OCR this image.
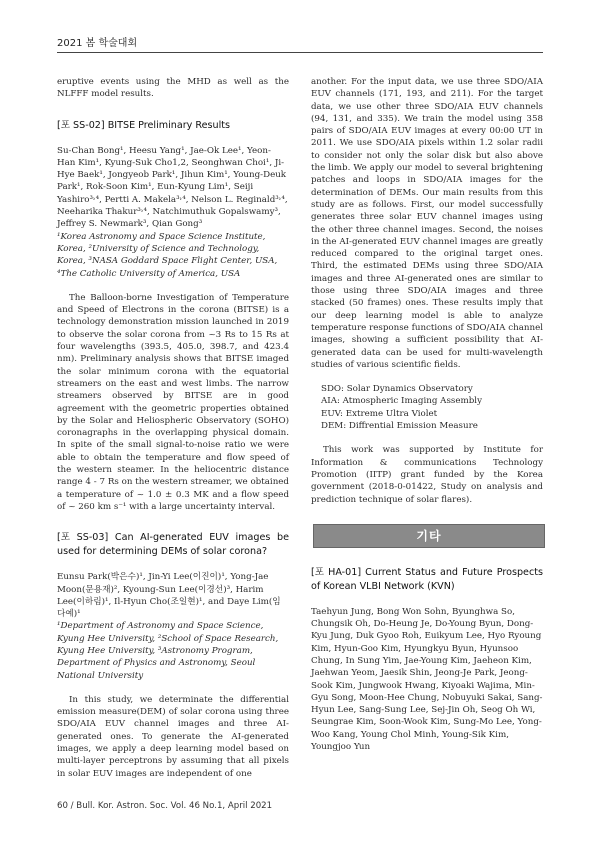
2021 봄 학술대회

eruptive events using the MHD as well as the NLFFF model results.

[포 SS-02] BITSE Preliminary Results

Su-Chan Bong¹, Heesu Yang¹, Jae-Ok Lee¹, Yeon-Han Kim¹, Kyung-Suk Cho1,2, Seonghwan Choi¹, Ji-Hye Baek¹, Jongyeob Park¹, Jihun Kim¹, Young-Deuk Park¹, Rok-Soon Kim¹, Eun-Kyung Lim¹, Seiji Yashiro³˒⁴, Pertti A. Makela³˒⁴, Nelson L. Reginald³˒⁴, Neeharika Thakur³˒⁴, Natchimuthuk Gopalswamy³, Jeffrey S. Newmark³, Qian Gong³

¹Korea Astronomy and Space Science Institute, Korea, ²University of Science and Technology, Korea, ³NASA Goddard Space Flight Center, USA, ⁴The Catholic University of America, USA

The Balloon-borne Investigation of Temperature and Speed of Electrons in the corona (BITSE) is a technology demonstration mission launched in 2019 to observe the solar corona from ~3 Rs to 15 Rs at four wavelengths (393.5, 405.0, 398.7, and 423.4 nm). Preliminary analysis shows that BITSE imaged the solar minimum corona with the equatorial streamers on the east and west limbs. The narrow streamers observed by BITSE are in good agreement with the geometric properties obtained by the Solar and Heliospheric Observatory (SOHO) coronagraphs in the overlapping physical domain. In spite of the small signal-to-noise ratio we were able to obtain the temperature and flow speed of the western steamer. In the heliocentric distance range 4 - 7 Rs on the western streamer, we obtained a temperature of ~ 1.0 ± 0.3 MK and a flow speed of ~ 260 km s⁻¹ with a large uncertainty interval.

[포 SS-03] Can AI-generated EUV images be used for determining DEMs of solar corona?

Eunsu Park(박은수)¹, Jin-Yi Lee(이진이)¹, Yong-Jae Moon(문용재)², Kyoung-Sun Lee(이경선)³, Harim Lee(이하림)¹, Il-Hyun Cho(조일현)¹, and Daye Lim(임다예)¹

¹Department of Astronomy and Space Science, Kyung Hee University, ²School of Space Research, Kyung Hee University, ³Astronomy Program, Department of Physics and Astronomy, Seoul National University

In this study, we determinate the differential emission measure(DEM) of solar corona using three SDO/AIA EUV channel images and three AI-generated ones. To generate the AI-generated images, we apply a deep learning model based on multi-layer perceptrons by assuming that all pixels in solar EUV images are independent of one

another. For the input data, we use three SDO/AIA EUV channels (171, 193, and 211). For the target data, we use other three SDO/AIA EUV channels (94, 131, and 335). We train the model using 358 pairs of SDO/AIA EUV images at every 00:00 UT in 2011. We use SDO/AIA pixels within 1.2 solar radii to consider not only the solar disk but also above the limb. We apply our model to several brightening patches and loops in SDO/AIA images for the determination of DEMs. Our main results from this study are as follows. First, our model successfully generates three solar EUV channel images using the other three channel images. Second, the noises in the AI-generated EUV channel images are greatly reduced compared to the original target ones. Third, the estimated DEMs using three SDO/AIA images and three AI-generated ones are similar to those using three SDO/AIA images and three stacked (50 frames) ones. These results imply that our deep learning model is able to analyze temperature response functions of SDO/AIA channel images, showing a sufficient possibility that AI-generated data can be used for multi-wavelength studies of various scientific fields.

SDO: Solar Dynamics Observatory

AIA: Atmospheric Imaging Assembly

EUV: Extreme Ultra Violet

DEM: Diffrential Emission Measure

This work was supported by Institute for Information & communications Technology Promotion (IITP) grant funded by the Korea government (2018-0-01422, Study on analysis and prediction technique of solar flares).

기타

[포 HA-01] Current Status and Future Prospects of Korean VLBI Network (KVN)

Taehyun Jung, Bong Won Sohn, Byunghwa So, Chungsik Oh, Do-Heung Je, Do-Young Byun, Dong-Kyu Jung, Duk Gyoo Roh, Euikyum Lee, Hyo Ryoung Kim, Hyun-Goo Kim, Hyungkyu Byun, Hyunsoo Chung, In Sung Yim, Jae-Young Kim, Jaeheon Kim, Jaehwan Yeom, Jaesik Shin, Jeong-Je Park, Jeong-Sook Kim, Jungwook Hwang, Kiyoaki Wajima, Min-Gyu Song, Moon-Hee Chung, Nobuyuki Sakai, Sang-Hyun Lee, Sang-Sung Lee, Sej-Jin Oh, Seog Oh Wi, Seungrae Kim, Soon-Wook Kim, Sung-Mo Lee, Yong-Woo Kang, Young Chol Minh, Young-Sik Kim, Youngjoo Yun

60 / Bull. Kor. Astron. Soc. Vol. 46 No.1, April 2021
